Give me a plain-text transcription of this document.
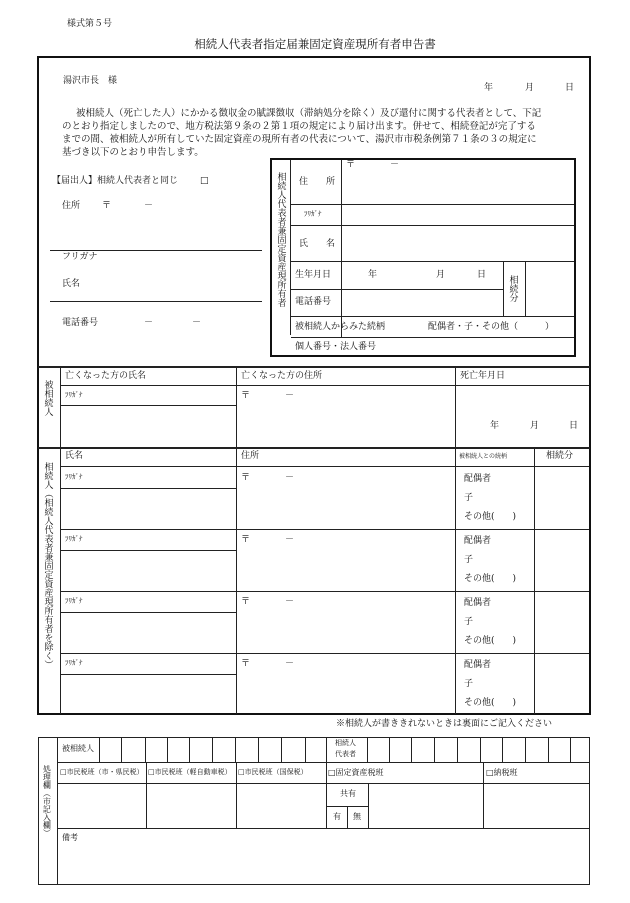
様式第５号
相続人代表者指定届兼固定資産現所有者申告書
湯沢市長　様
年	月	日
被相続人（死亡した人）にかかる徴収金の賦課徴収（滞納処分を除く）及び還付に関する代表者として、下記
のとおり指定しましたので、地方税法第９条の２第１項の規定により届け出ます。併せて、相続登記が完了する
までの間、被相続人が所有していた固定資産の現所有者の代表について、湯沢市市税条例第７１条の３の規定に
基づき以下のとおり申告します。
【届出人】相続人代表者と同じ □
住所 〒	－
フリガナ
氏名
電話番号	－	－
相続人代表者兼固定資産現所有者 住　　所
〒	－
ﾌﾘｶﾞﾅ
氏　　名
生年月日	年	月	日 相続分
電話番号
被相続人からみた続柄	配偶者・子・その他（　　　）
個人番号・法人番号
被相続人
亡くなった方の氏名	亡くなった方の住所	死亡年月日
ﾌﾘｶﾞﾅ	〒	－
年	月	日
相続人（相続人代表者兼固定資産現所有者を除く）
氏名	住所	被相続人との続柄	相続分
ﾌﾘｶﾞﾅ	〒	－	配偶者
子
その他(　　)
ﾌﾘｶﾞﾅ	〒	－	配偶者
子
その他(　　)
ﾌﾘｶﾞﾅ	〒	－	配偶者
子
その他(　　)
ﾌﾘｶﾞﾅ	〒	－	配偶者
子
その他(　　)
※相続人が書ききれないときは裏面にご記入ください
処理欄（市記入欄）
被相続人
相続人
代表者
□市民税班（市・県民税） □市民税班（軽自動車税） □市民税班（国保税）	□固定資産税班	□納税班
共有
有 無
備考
